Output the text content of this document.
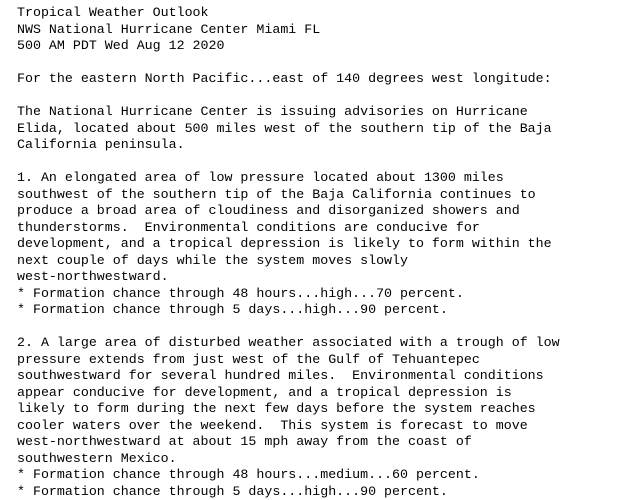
Tropical Weather Outlook
NWS National Hurricane Center Miami FL
500 AM PDT Wed Aug 12 2020
For the eastern North Pacific...east of 140 degrees west longitude:
The National Hurricane Center is issuing advisories on Hurricane
Elida, located about 500 miles west of the southern tip of the Baja
California peninsula.
1. An elongated area of low pressure located about 1300 miles
southwest of the southern tip of the Baja California continues to
produce a broad area of cloudiness and disorganized showers and
thunderstorms.  Environmental conditions are conducive for
development, and a tropical depression is likely to form within the
next couple of days while the system moves slowly
west-northwestward.
* Formation chance through 48 hours...high...70 percent.
* Formation chance through 5 days...high...90 percent.
2. A large area of disturbed weather associated with a trough of low
pressure extends from just west of the Gulf of Tehuantepec
southwestward for several hundred miles.  Environmental conditions
appear conducive for development, and a tropical depression is
likely to form during the next few days before the system reaches
cooler waters over the weekend.  This system is forecast to move
west-northwestward at about 15 mph away from the coast of
southwestern Mexico.
* Formation chance through 48 hours...medium...60 percent.
* Formation chance through 5 days...high...90 percent.
